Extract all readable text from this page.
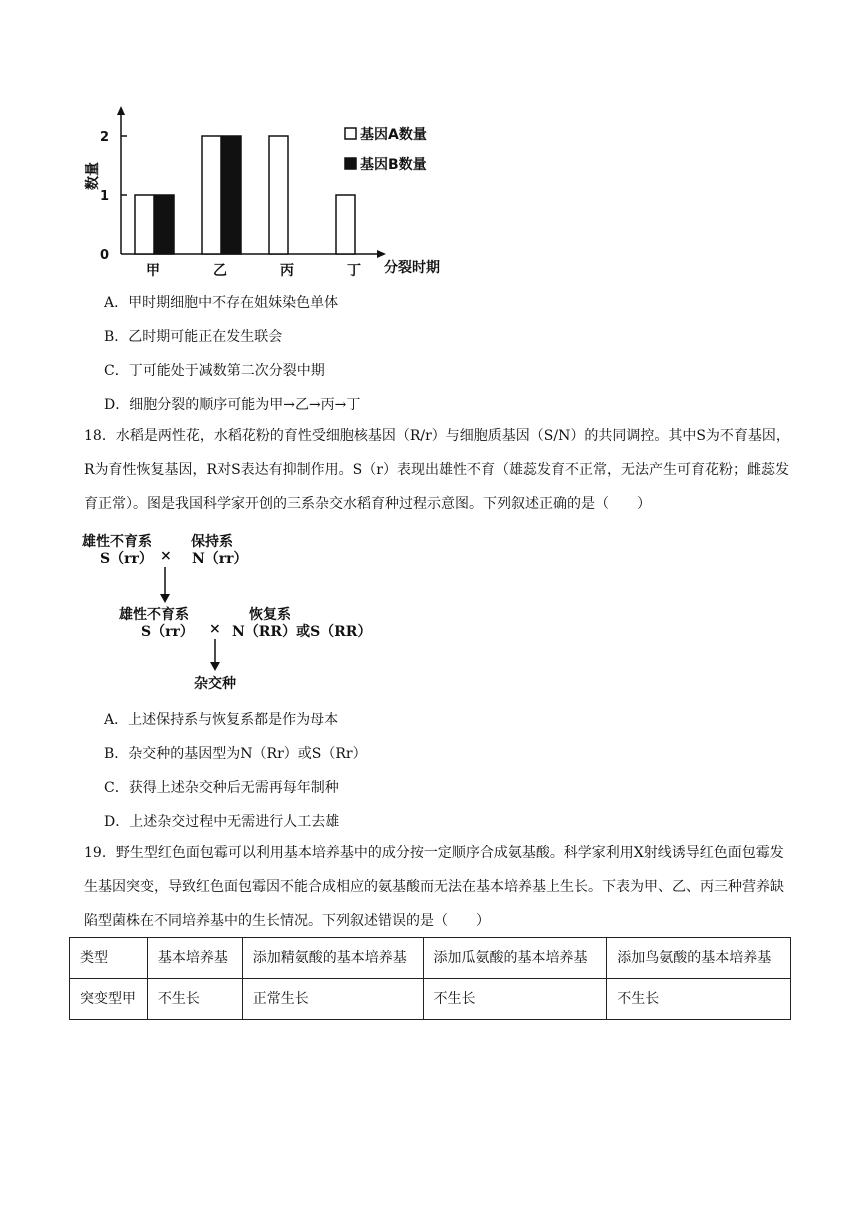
0
1
2
数量
甲	乙	丙	丁 分裂时期
基因A数量
基因B数量
A．甲时期细胞中不存在姐妹染色单体
B．乙时期可能正在发生联会
C．丁可能处于减数第二次分裂中期
D．细胞分裂的顺序可能为甲→乙→丙→丁
18．水稻是两性花，水稻花粉的育性受细胞核基因（R/r）与细胞质基因（S/N）的共同调控。其中S为不育基因，R为育性恢复基因，R对S表达有抑制作用。S（r）表现出雄性不育（雄蕊发育不正常，无法产生可育花粉；雌蕊发育正常）。图是我国科学家开创的三系杂交水稻育种过程示意图。下列叙述正确的是（　　）
雄性不育系
S（rr）
保持系
N（rr）
×
雄性不育系
S（rr） ×
恢复系
N（RR）或S（RR）
杂交种
A．上述保持系与恢复系都是作为母本
B．杂交种的基因型为N（Rr）或S（Rr）
C．获得上述杂交种后无需再每年制种
D．上述杂交过程中无需进行人工去雄
19．野生型红色面包霉可以利用基本培养基中的成分按一定顺序合成氨基酸。科学家利用X射线诱导红色面包霉发生基因突变，导致红色面包霉因不能合成相应的氨基酸而无法在基本培养基上生长。下表为甲、乙、丙三种营养缺陷型菌株在不同培养基中的生长情况。下列叙述错误的是（　　）
类型	基本培养基	添加精氨酸的基本培养基	添加瓜氨酸的基本培养基	添加鸟氨酸的基本培养基
突变型甲	不生长	正常生长	不生长	不生长
